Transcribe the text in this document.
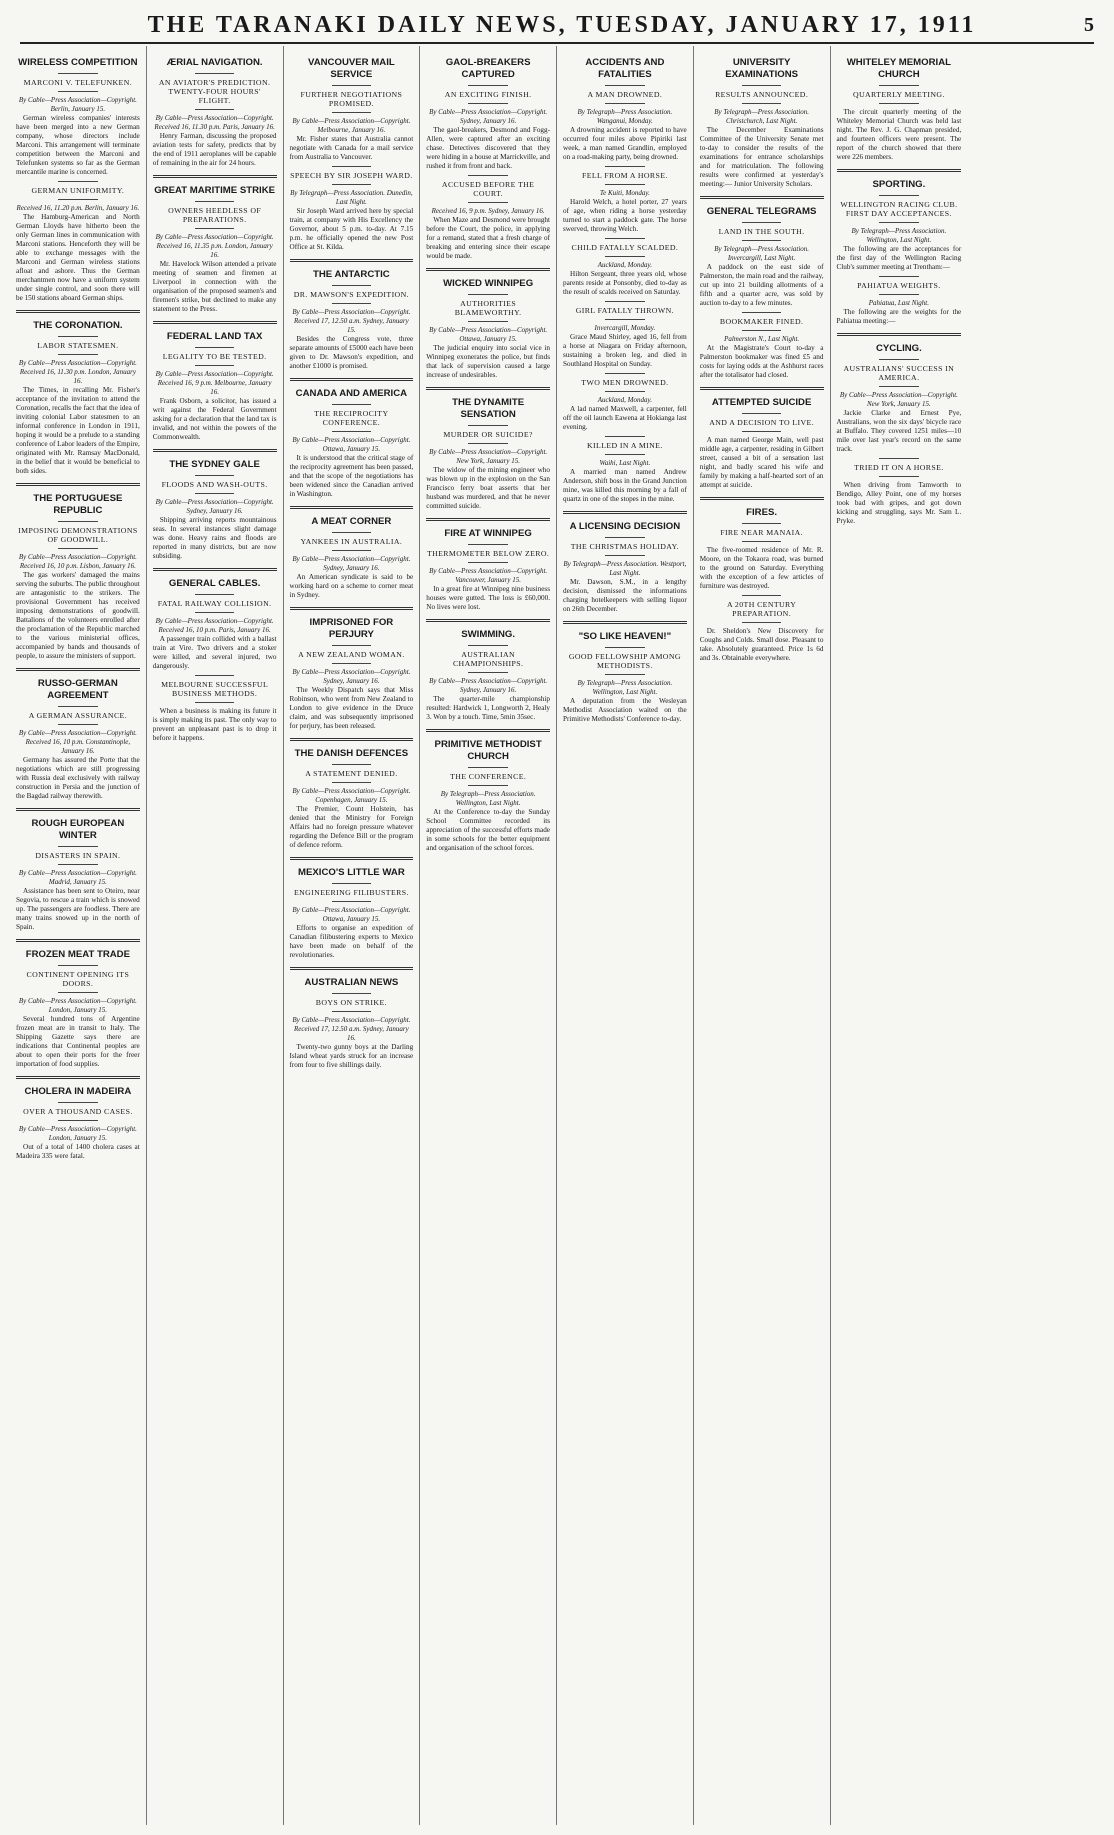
THE TARANAKI DAILY NEWS, TUESDAY, JANUARY 17, 1911	5
WIRELESS COMPETITION
MARCONI V. TELEFUNKEN.
By Cable—Press Association—Copyright. Berlin, January 15.

German wireless companies' interests have been merged into a new German company, whose directors include Marconi. This arrangement will terminate competition between the Marconi and Telefunken systems so far as the German mercantile marine is concerned.

GERMAN UNIFORMITY.
Received 16, 11.20 p.m. Berlin, January 16.

The Hamburg-American and North German Lloyds have hitherto been the only German lines in communication with Marconi stations. Henceforth they will be able to exchange messages with the Marconi and German wireless stations afloat and ashore. Thus the German merchantmen now have a uniform system under single control, and soon there will be 150 stations aboard German ships.

THE CORONATION.
LABOR STATESMEN.
By Cable—Press Association—Copyright. Received 16, 11.30 p.m. London, January 16.

The Times, in recalling Mr. Fisher's acceptance of the invitation to attend the Coronation, recalls the fact that the idea of inviting colonial Labor statesmen to an informal conference in London in 1911, hoping it would be a prelude to a standing conference of Labor leaders of the Empire, originated with Mr. Ramsay MacDonald, in the belief that it would be beneficial to both sides.

THE PORTUGUESE REPUBLIC
IMPOSING DEMONSTRATIONS OF GOODWILL.
By Cable—Press Association—Copyright. Received 16, 10 p.m. Lisbon, January 16.

The gas workers' damaged the mains serving the suburbs. The public throughout are antagonistic to the strikers. The provisional Government has received imposing demonstrations of goodwill. Battalions of the volunteers enrolled after the proclamation of the Republic marched to the various ministerial offices, accompanied by bands and thousands of people, to assure the ministers of support.

RUSSO-GERMAN AGREEMENT
A GERMAN ASSURANCE.
By Cable—Press Association—Copyright. Received 16, 10 p.m. Constantinople, January 16.

Germany has assured the Porte that the negotiations which are still progressing with Russia deal exclusively with railway construction in Persia and the junction of the Bagdad railway therewith.

ROUGH EUROPEAN WINTER
DISASTERS IN SPAIN.
By Cable—Press Association—Copyright. Madrid, January 15.

Assistance has been sent to Oteiro, near Segovia, to rescue a train which is snowed up. The passengers are foodless. There are many trains snowed up in the north of Spain.

FROZEN MEAT TRADE
CONTINENT OPENING ITS DOORS.
By Cable—Press Association—Copyright. London, January 15.

Several hundred tons of Argentine frozen meat are in transit to Italy. The Shipping Gazette says there are indications that Continental peoples are about to open their ports for the freer importation of food supplies.

CHOLERA IN MADEIRA
OVER A THOUSAND CASES.
By Cable—Press Association—Copyright. London, January 15.

Out of a total of 1400 cholera cases at Madeira 335 were fatal.

ÆRIAL NAVIGATION.
AN AVIATOR'S PREDICTION. TWENTY-FOUR HOURS' FLIGHT.
By Cable—Press Association—Copyright. Received 16, 11.30 p.m. Paris, January 16.

Henry Farman, discussing the proposed aviation tests for safety, predicts that by the end of 1911 aeroplanes will be capable of remaining in the air for 24 hours.

GREAT MARITIME STRIKE
OWNERS HEEDLESS OF PREPARATIONS.
By Cable—Press Association—Copyright. Received 16, 11.35 p.m. London, January 16.

Mr. Havelock Wilson attended a private meeting of seamen and firemen at Liverpool in connection with the organisation of the proposed seamen's and firemen's strike, but declined to make any statement to the Press.

FEDERAL LAND TAX
LEGALITY TO BE TESTED.
By Cable—Press Association—Copyright. Received 16, 9 p.m. Melbourne, January 16.

Frank Osborn, a solicitor, has issued a writ against the Federal Government asking for a declaration that the land tax is invalid, and not within the powers of the Commonwealth.

THE SYDNEY GALE
FLOODS AND WASH-OUTS.
By Cable—Press Association—Copyright. Sydney, January 16.

Shipping arriving reports mountainous seas. In several instances slight damage was done. Heavy rains and floods are reported in many districts, but are now subsiding.

GENERAL CABLES.
FATAL RAILWAY COLLISION.
By Cable—Press Association—Copyright. Received 16, 10 p.m. Paris, January 16.

A passenger train collided with a ballast train at Vire. Two drivers and a stoker were killed, and several injured, two dangerously.

MELBOURNE SUCCESSFUL BUSINESS METHODS.

When a business is making its future it is simply making its past. The only way to prevent an unpleasant past is to drop it before it happens.

VANCOUVER MAIL SERVICE
FURTHER NEGOTIATIONS PROMISED.
By Cable—Press Association—Copyright. Melbourne, January 16.

Mr. Fisher states that Australia cannot negotiate with Canada for a mail service from Australia to Vancouver.

SPEECH BY SIR JOSEPH WARD.
By Telegraph—Press Association. Dunedin, Last Night.

Sir Joseph Ward arrived here by special train, at company with His Excellency the Governor, about 5 p.m. to-day. At 7.15 p.m. he officially opened the new Post Office at St. Kilda.

THE ANTARCTIC
DR. MAWSON'S EXPEDITION.
By Cable—Press Association—Copyright. Received 17, 12.50 a.m. Sydney, January 15.

Besides the Congress vote, three separate amounts of £5000 each have been given to Dr. Mawson's expedition, and another £1000 is promised.

CANADA AND AMERICA
THE RECIPROCITY CONFERENCE.
By Cable—Press Association—Copyright. Ottawa, January 15.

It is understood that the critical stage of the reciprocity agreement has been passed, and that the scope of the negotiations has been widened since the Canadian arrived in Washington.

A MEAT CORNER
YANKEES IN AUSTRALIA.
By Cable—Press Association—Copyright. Sydney, January 16.

An American syndicate is said to be working hard on a scheme to corner meat in Sydney.

IMPRISONED FOR PERJURY
A NEW ZEALAND WOMAN.
By Cable—Press Association—Copyright. Sydney, January 16.

The Weekly Dispatch says that Miss Robinson, who went from New Zealand to London to give evidence in the Druce claim, and was subsequently imprisoned for perjury, has been released.

THE DANISH DEFENCES
A STATEMENT DENIED.
By Cable—Press Association—Copyright. Copenhagen, January 15.

The Premier, Count Holstein, has denied that the Ministry for Foreign Affairs had no foreign pressure whatever regarding the Defence Bill or the program of defence reform.

MEXICO'S LITTLE WAR
ENGINEERING FILIBUSTERS.
By Cable—Press Association—Copyright. Ottawa, January 15.

Efforts to organise an expedition of Canadian filibustering experts to Mexico have been made on behalf of the revolutionaries.

AUSTRALIAN NEWS
BOYS ON STRIKE.
By Cable—Press Association—Copyright. Received 17, 12.50 a.m. Sydney, January 16.

Twenty-two gunny boys at the Darling Island wheat yards struck for an increase from four to five shillings daily.

GAOL-BREAKERS CAPTURED
AN EXCITING FINISH.
By Cable—Press Association—Copyright. Sydney, January 16.

The gaol-breakers, Desmond and Fogg-Allen, were captured after an exciting chase. Detectives discovered that they were hiding in a house at Marrickville, and rushed it from front and back.

ACCUSED BEFORE THE COURT.
Received 16, 9 p.m. Sydney, January 16.

When Maze and Desmond were brought before the Court, the police, in applying for a remand, stated that a fresh charge of breaking and entering since their escape would be made.

WICKED WINNIPEG
AUTHORITIES BLAMEWORTHY.
By Cable—Press Association—Copyright. Ottawa, January 15.

The judicial enquiry into social vice in Winnipeg exonerates the police, but finds that lack of supervision caused a large increase of undesirables.

THE DYNAMITE SENSATION
MURDER OR SUICIDE?
By Cable—Press Association—Copyright. New York, January 15.

The widow of the mining engineer who was blown up in the explosion on the San Francisco ferry boat asserts that her husband was murdered, and that he never committed suicide.

FIRE AT WINNIPEG
THERMOMETER BELOW ZERO.
By Cable—Press Association—Copyright. Vancouver, January 15.

In a great fire at Winnipeg nine business houses were gutted. The loss is £60,000. No lives were lost.

SWIMMING.
AUSTRALIAN CHAMPIONSHIPS.
By Cable—Press Association—Copyright. Sydney, January 16.

The quarter-mile championship resulted: Hardwick 1, Longworth 2, Healy 3. Won by a touch. Time, 5min 35sec.

PRIMITIVE METHODIST CHURCH
THE CONFERENCE.
By Telegraph—Press Association. Wellington, Last Night.

At the Conference to-day the Sunday School Committee recorded its appreciation of the successful efforts made in some schools for the better equipment and organisation of the school forces.

ACCIDENTS AND FATALITIES
A MAN DROWNED.
By Telegraph—Press Association. Wanganui, Monday.

A drowning accident is reported to have occurred four miles above Pipiriki last week, a man named Grandlin, employed on a road-making party, being drowned.

FELL FROM A HORSE.
Te Kuiti, Monday.

Harold Welch, a hotel porter, 27 years of age, when riding a horse yesterday turned to start a paddock gate. The horse swerved, throwing Welch.

CHILD FATALLY SCALDED.
Auckland, Monday.

Hilton Sergeant, three years old, whose parents reside at Ponsonby, died to-day as the result of scalds received on Saturday.

GIRL FATALLY THROWN.
Invercargill, Monday.

Grace Maud Shirley, aged 16, fell from a horse at Niagara on Friday afternoon, sustaining a broken leg, and died in Southland Hospital on Sunday.

TWO MEN DROWNED.
Auckland, Monday.

A lad named Maxwell, a carpenter, fell off the oil launch Eawena at Hokianga last evening.

KILLED IN A MINE.
Waihi, Last Night.

A married man named Andrew Anderson, shift boss in the Grand Junction mine, was killed this morning by a fall of quartz in one of the stopes in the mine.

A LICENSING DECISION
THE CHRISTMAS HOLIDAY.
By Telegraph—Press Association. Westport, Last Night.

Mr. Dawson, S.M., in a lengthy decision, dismissed the informations charging hotelkeepers with selling liquor on 26th December.

"SO LIKE HEAVEN!"
GOOD FELLOWSHIP AMONG METHODISTS.
By Telegraph—Press Association. Wellington, Last Night.

A deputation from the Wesleyan Methodist Association waited on the Primitive Methodists' Conference to-day.

UNIVERSITY EXAMINATIONS
RESULTS ANNOUNCED.
By Telegraph—Press Association. Christchurch, Last Night.

The December Examinations Committee of the University Senate met to-day to consider the results of the examinations for entrance scholarships and for matriculation. The following results were confirmed at yesterday's meeting:— Junior University Scholars.

GENERAL TELEGRAMS
LAND IN THE SOUTH.
By Telegraph—Press Association. Invercargill, Last Night.

A paddock on the east side of Palmerston, the main road and the railway, cut up into 21 building allotments of a fifth and a quarter acre, was sold by auction to-day to a few minutes.

BOOKMAKER FINED.
Palmerston N., Last Night.

At the Magistrate's Court to-day a Palmerston bookmaker was fined £5 and costs for laying odds at the Ashhurst races after the totalisator had closed.

ATTEMPTED SUICIDE
AND A DECISION TO LIVE.

A man named George Main, well past middle age, a carpenter, residing in Gilbert street, caused a bit of a sensation last night, and badly scared his wife and family by making a half-hearted sort of an attempt at suicide.

FIRES.
FIRE NEAR MANAIA.

The five-roomed residence of Mr. R. Moore, on the Tokaora road, was burned to the ground on Saturday. Everything with the exception of a few articles of furniture was destroyed.

A 20TH CENTURY PREPARATION.

Dr. Sheldon's New Discovery for Coughs and Colds. Small dose. Pleasant to take. Absolutely guaranteed. Price 1s 6d and 3s. Obtainable everywhere.

WHITELEY MEMORIAL CHURCH
QUARTERLY MEETING.

The circuit quarterly meeting of the Whiteley Memorial Church was held last night. The Rev. J. G. Chapman presided, and fourteen officers were present. The report of the church showed that there were 226 members.

SPORTING.
WELLINGTON RACING CLUB. FIRST DAY ACCEPTANCES.
By Telegraph—Press Association. Wellington, Last Night.

The following are the acceptances for the first day of the Wellington Racing Club's summer meeting at Trentham:—

PAHIATUA WEIGHTS.
Pahiatua, Last Night.

The following are the weights for the Pahiatua meeting:—

CYCLING.
AUSTRALIANS' SUCCESS IN AMERICA.
By Cable—Press Association—Copyright. New York, January 15.

Jackie Clarke and Ernest Pye, Australians, won the six days' bicycle race at Buffalo. They covered 1251 miles—10 mile over last year's record on the same track.

TRIED IT ON A HORSE.

When driving from Tamworth to Bendigo, Alley Point, one of my horses took bad with gripes, and got down kicking and struggling, says Mr. Sam L. Pryke.
